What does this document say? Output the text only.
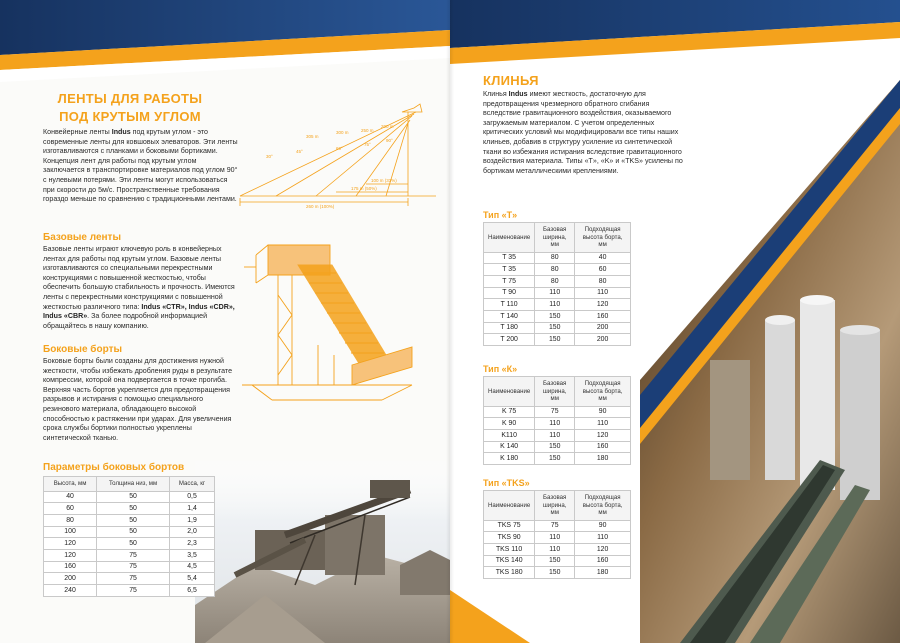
30°
45°
60°
75°
90°
305 m
300 m	250 m
200 m
100 m (33%)
175 m (50%)
260 m (100%)
ЛЕНТЫ ДЛЯ РАБОТЫ
ПОД КРУТЫМ УГЛОМ
Конвейерные ленты Indus под крутым углом - это современные ленты для ковшовых элеваторов. Эти ленты изготавливаются с планками и боковыми бортиками. Концепция лент для работы под крутым углом заключается в транспортировке материалов под углом 90° с нулевыми потерями. Эти ленты могут использоваться при скорости до 5м/с. Пространственные требования гораздо меньше по сравнению с традиционными лентами.
Базовые ленты
Базовые ленты играют ключевую роль в конвейерных лентах для работы под крутым углом. Базовые ленты изготавливаются со специальными перекрестными конструкциями с повышенной жесткостью, чтобы обеспечить большую стабильность и прочность. Имеются ленты с перекрестными конструкциями с повышенной жесткостью различного типа: Indus «CTR», Indus «CDR», Indus «CBR». За более подробной информацией обращайтесь в нашу компанию.
Боковые борты
Боковые борты были созданы для достижения нужной жесткости, чтобы избежать дробления руды в результате компрессии, которой она подвергается в точке прогиба. Верхняя часть бортов укрепляется для предотвращения разрывов и истирания с помощью специального резинового материала, обладающего высокой способностью к растяжении при ударах. Для увеличения срока службы бортики полностью укреплены синтетической тканью.
Параметры боковых бортов
Высота, мм	Толщина низ, мм	Масса, кг
40	50	0,5
60	50	1,4
80	50	1,9
100	50	2,0
120	50	2,3
120	75	3,5
160	75	4,5
200	75	5,4
240	75	6,5
КЛИНЬЯ
Клинья Indus имеют жесткость, достаточную для предотвращения чрезмерного обратного сгибания вследствие гравитационного воздействия, оказываемого загружаемым материалом. С учетом определенных критических условий мы модифицировали все типы наших клиньев, добавив в структуру усиление из синтетической ткани во избежания истирания вследствие гравитационного воздействия материала. Типы «T», «K» и «TKS» усилены по бортикам металлическими креплениями.
Тип «Т»
Наименование	Базовая ширина, мм	Подходящая высота борта, мм
T 35	80	40
T 35	80	60
T 75	80	80
T 90	110	110
T 110	110	120
T 140	150	160
T 180	150	200
T 200	150	200
Тип «К»
Наименование	Базовая ширина, мм	Подходящая высота борта, мм
K 75	75	90
K 90	110	110
K110	110	120
K 140	150	160
K 180	150	180
Тип «TKS»
Наименование	Базовая ширина, мм	Подходящая высота борта, мм
TKS 75	75	90
TKS 90	110	110
TKS 110	110	120
TKS 140	150	160
TKS 180	150	180
